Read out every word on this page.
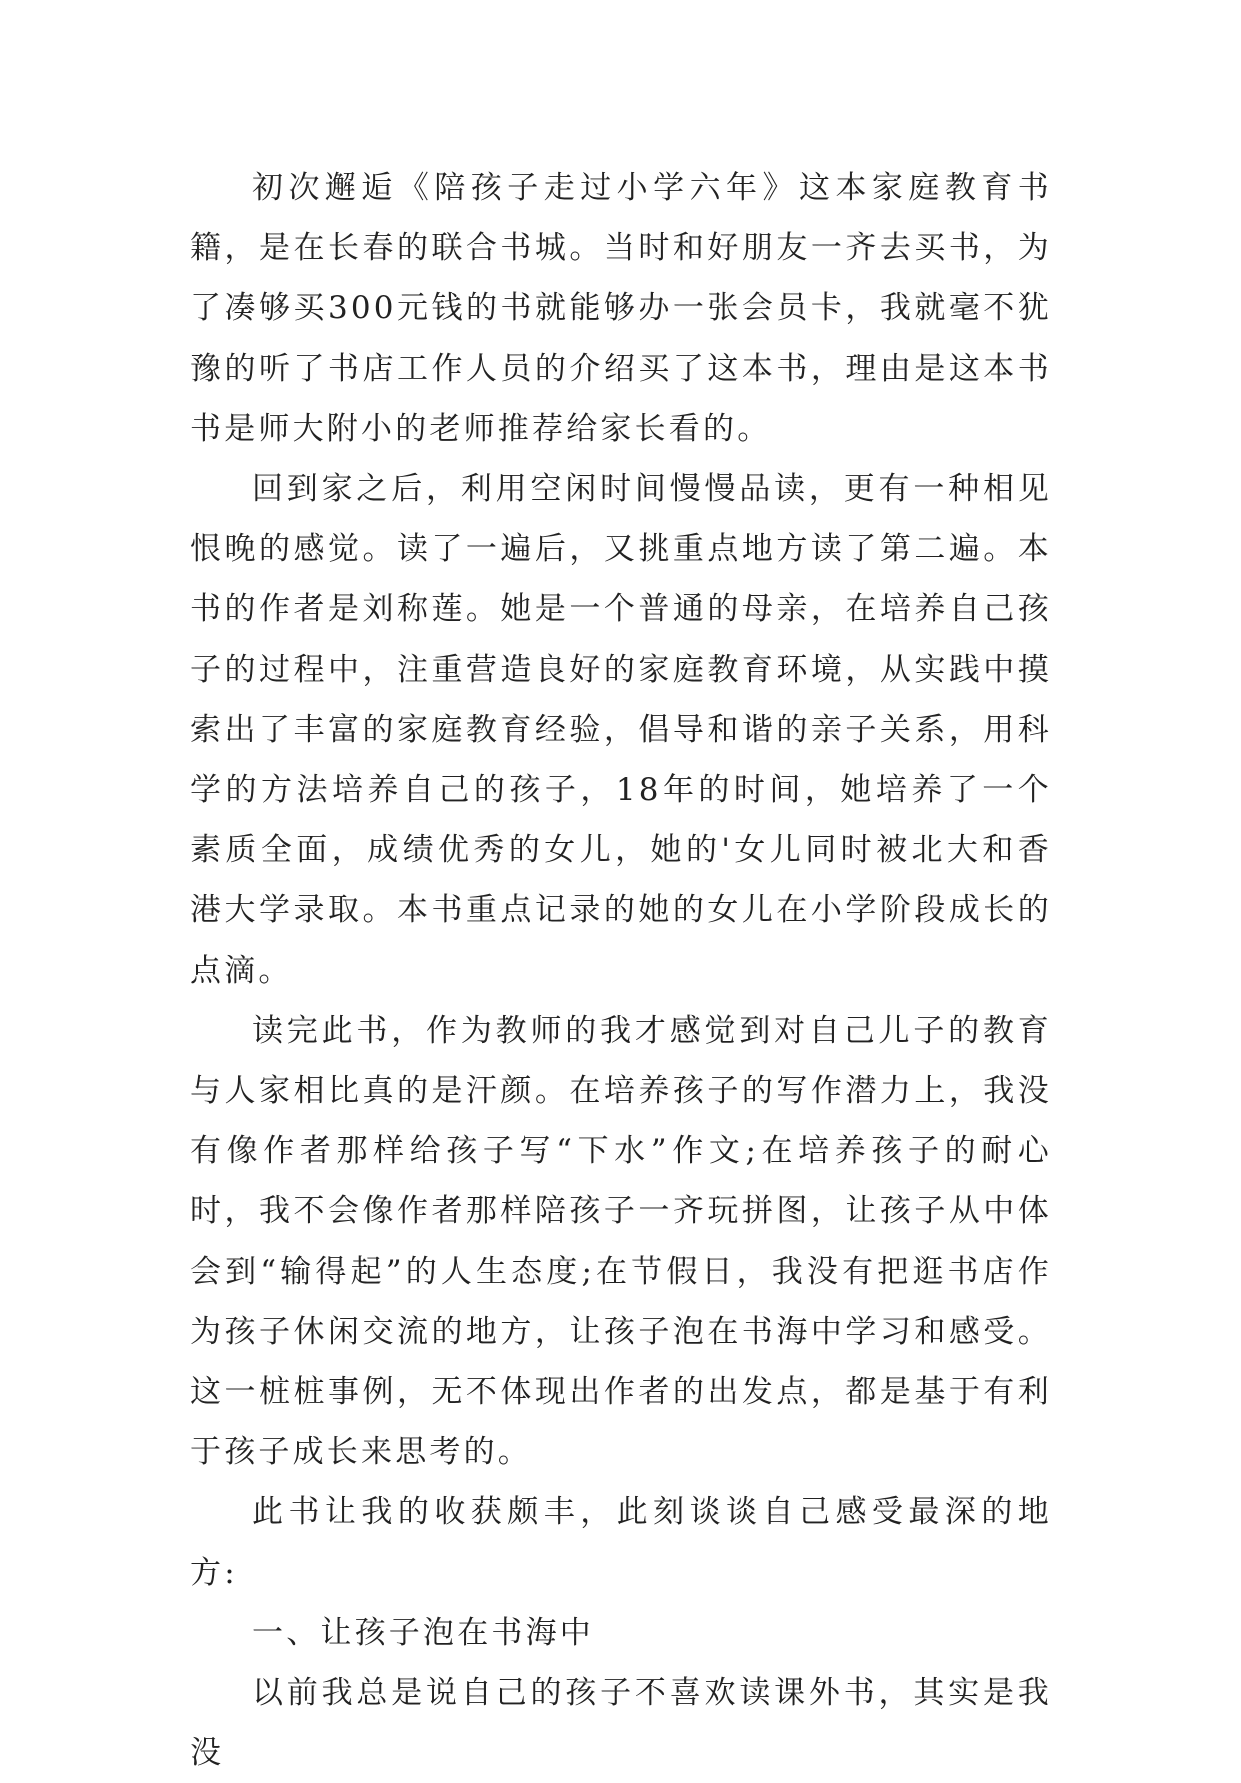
初次邂逅《陪孩子走过小学六年》这本家庭教育书籍，是在长春的联合书城。当时和好朋友一齐去买书，为了凑够买300元钱的书就能够办一张会员卡，我就毫不犹豫的听了书店工作人员的介绍买了这本书，理由是这本书书是师大附小的老师推荐给家长看的。

回到家之后，利用空闲时间慢慢品读，更有一种相见恨晚的感觉。读了一遍后，又挑重点地方读了第二遍。本书的作者是刘称莲。她是一个普通的母亲，在培养自己孩子的过程中，注重营造良好的家庭教育环境，从实践中摸索出了丰富的家庭教育经验，倡导和谐的亲子关系，用科学的方法培养自己的孩子，18年的时间，她培养了一个素质全面，成绩优秀的女儿，她的'女儿同时被北大和香港大学录取。本书重点记录的她的女儿在小学阶段成长的点滴。

读完此书，作为教师的我才感觉到对自己儿子的教育与人家相比真的是汗颜。在培养孩子的写作潜力上，我没有像作者那样给孩子写“下水”作文;在培养孩子的耐心时，我不会像作者那样陪孩子一齐玩拼图，让孩子从中体会到“输得起”的人生态度;在节假日，我没有把逛书店作为孩子休闲交流的地方，让孩子泡在书海中学习和感受。这一桩桩事例，无不体现出作者的出发点，都是基于有利于孩子成长来思考的。

此书让我的收获颇丰，此刻谈谈自己感受最深的地方:

一、让孩子泡在书海中

以前我总是说自己的孩子不喜欢读课外书，其实是我没
